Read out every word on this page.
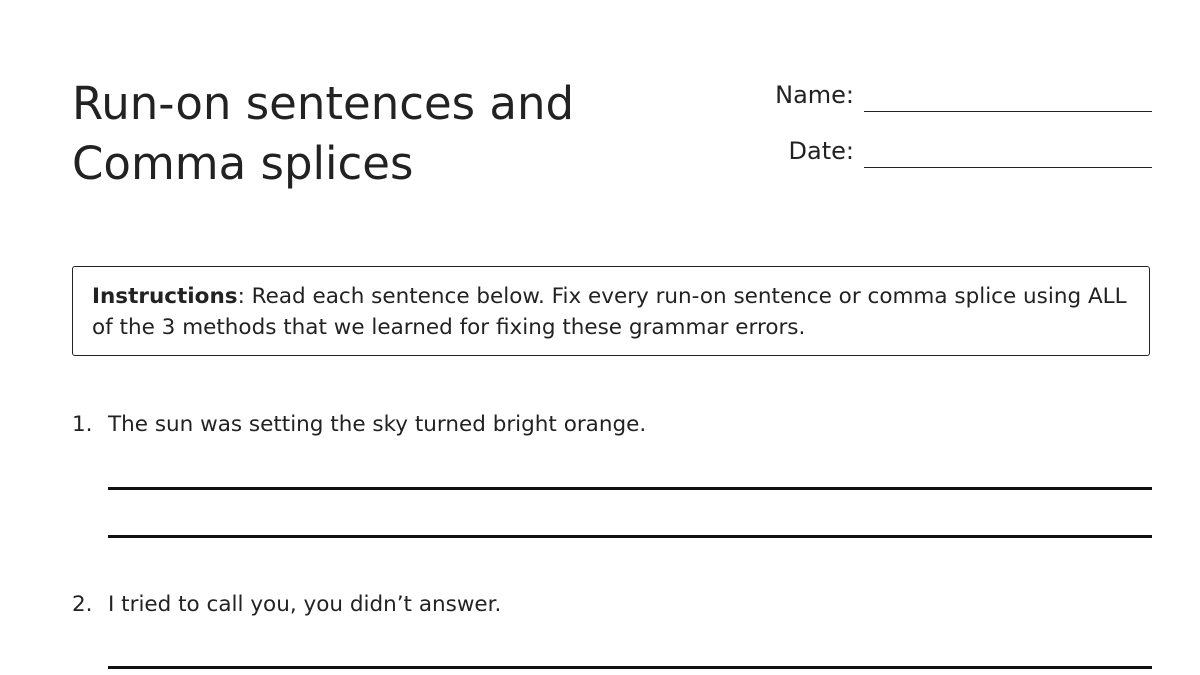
Run-on sentences and
Comma splices
Name:
Date:
Instructions: Read each sentence below. Fix every run-on sentence or comma splice using ALL of the 3 methods that we learned for fixing these grammar errors.
1. The sun was setting the sky turned bright orange.
2. I tried to call you, you didn’t answer.
